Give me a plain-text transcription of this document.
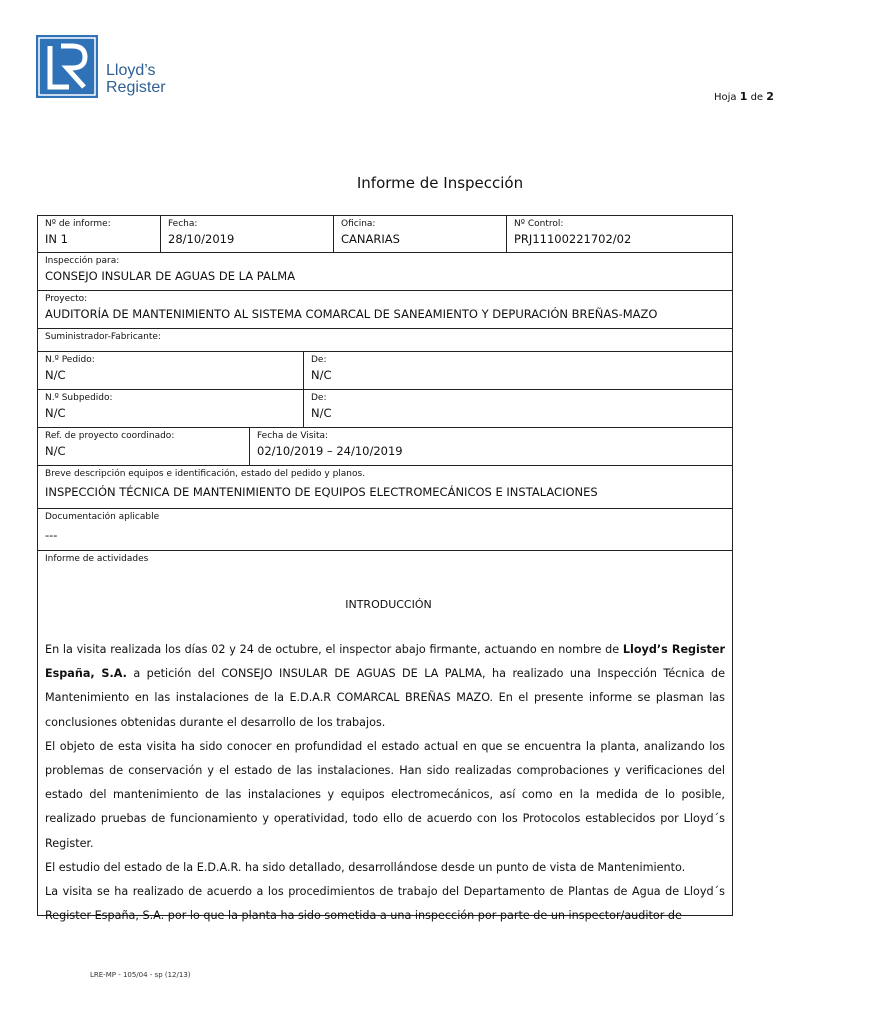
Lloyd’s
Register
Hoja 1 de 2
Informe de Inspección
Nº de informe:
IN 1
Fecha:
28/10/2019
Oficina:
CANARIAS
Nº Control:
PRJ11100221702/02
Inspección para:
CONSEJO INSULAR DE AGUAS DE LA PALMA
Proyecto:
AUDITORÍA DE MANTENIMIENTO AL SISTEMA COMARCAL DE SANEAMIENTO Y DEPURACIÓN BREÑAS-MAZO
Suministrador-Fabricante:
N.º Pedido:
N/C
De:
N/C
N.º Subpedido:
N/C
De:
N/C
Ref. de proyecto coordinado:
N/C
Fecha de Visita:
02/10/2019 – 24/10/2019
Breve descripción equipos e identificación, estado del pedido y planos.
INSPECCIÓN TÉCNICA DE MANTENIMIENTO DE EQUIPOS ELECTROMECÁNICOS E INSTALACIONES
Documentación aplicable
---
Informe de actividades
INTRODUCCIÓN

En la visita realizada los días 02 y 24 de octubre, el inspector abajo firmante, actuando en nombre de Lloyd’s Register España, S.A. a petición del CONSEJO INSULAR DE AGUAS DE LA PALMA, ha realizado una Inspección Técnica de Mantenimiento en las instalaciones de la E.D.A.R COMARCAL BREÑAS MAZO. En el presente informe se plasman las conclusiones obtenidas durante el desarrollo de los trabajos.

El objeto de esta visita ha sido conocer en profundidad el estado actual en que se encuentra la planta, analizando los problemas de conservación y el estado de las instalaciones. Han sido realizadas comprobaciones y verificaciones del estado del mantenimiento de las instalaciones y equipos electromecánicos, así como en la medida de lo posible, realizado pruebas de funcionamiento y operatividad, todo ello de acuerdo con los Protocolos establecidos por Lloyd´s Register.

El estudio del estado de la E.D.A.R. ha sido detallado, desarrollándose desde un punto de vista de Mantenimiento.

La visita se ha realizado de acuerdo a los procedimientos de trabajo del Departamento de Plantas de Agua de Lloyd´s Register España, S.A. por lo que la planta ha sido sometida a una inspección por parte de un inspector/auditor de

LRE-MP - 105/04 - sp (12/13)
